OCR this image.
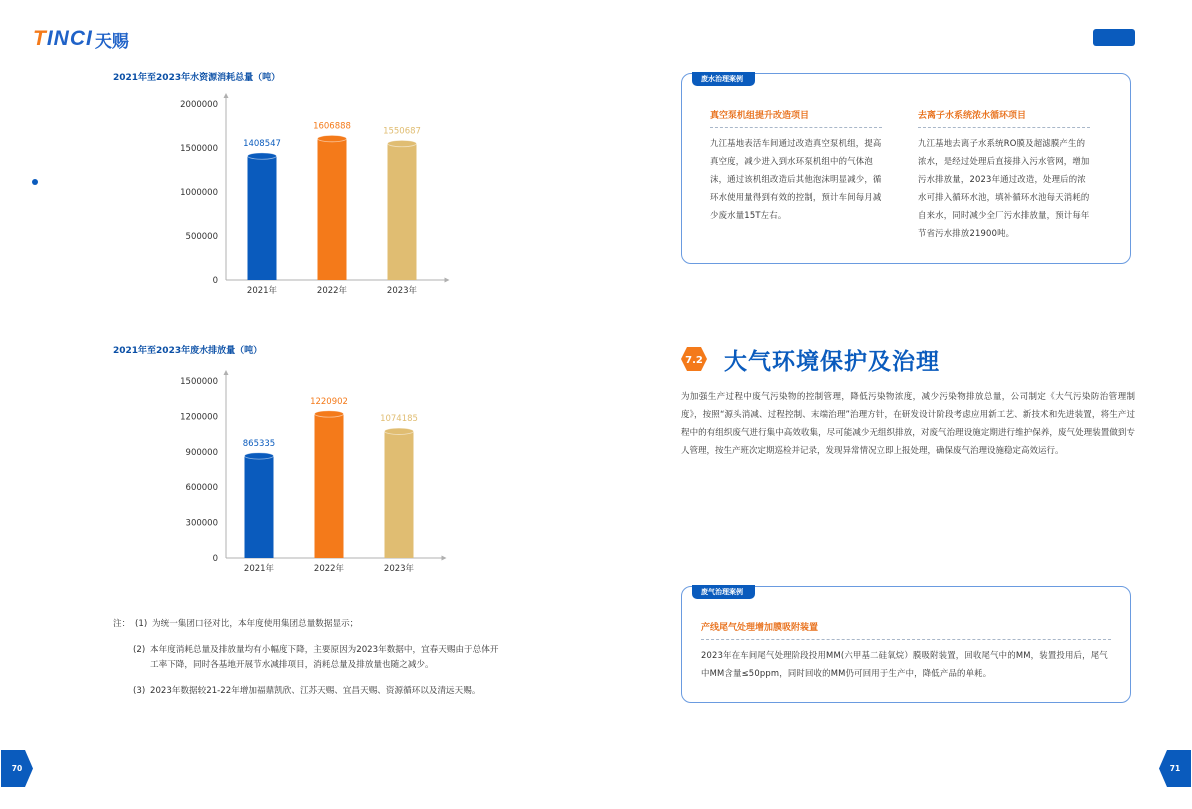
TINCI 天赐
2021年至2023年水资源消耗总量（吨）
0
500000
1000000
1500000
2000000
1408547
2021年
1606888
2022年
1550687
2023年
2021年至2023年废水排放量（吨）
0
300000
600000
900000
1200000
1500000
865335
2021年
1220902
2022年
1074185
2023年
注： (1) 为统一集团口径对比，本年度使用集团总量数据显示；
(2) 本年度消耗总量及排放量均有小幅度下降，主要原因为2023年数据中，宜春天赐由于总体开工率下降，同时各基地开展节水减排项目，消耗总量及排放量也随之减少。
(3) 2023年数据较21-22年增加福鼎凯欣、江苏天赐、宜昌天赐、资源循环以及清远天赐。
废水治理案例
真空泵机组提升改造项目
九江基地表活车间通过改造真空泵机组，提高真空度，减少进入到水环泵机组中的气体泡沫，通过该机组改造后其他泡沫明显减少，循环水使用量得到有效的控制，预计车间每月减少废水量15T左右。
去离子水系统浓水循环项目
九江基地去离子水系统RO膜及超滤膜产生的浓水，是经过处理后直接排入污水管网，增加污水排放量，2023年通过改造，处理后的浓水可排入循环水池，填补循环水池每天消耗的自来水，同时减少全厂污水排放量，预计每年节省污水排放21900吨。
7.2 大气环境保护及治理
为加强生产过程中废气污染物的控制管理，降低污染物浓度，减少污染物排放总量，公司制定《大气污染防治管理制度》，按照“源头消减、过程控制、末端治理”治理方针，在研发设计阶段考虑应用新工艺、新技术和先进装置，将生产过程中的有组织废气进行集中高效收集，尽可能减少无组织排放，对废气治理设施定期进行维护保养，废气处理装置做到专人管理，按生产班次定期巡检并记录，发现异常情况立即上报处理，确保废气治理设施稳定高效运行。
废气治理案例
产线尾气处理增加膜吸附装置
2023年在车间尾气处理阶段投用MM(六甲基二硅氧烷）膜吸附装置，回收尾气中的MM，装置投用后，尾气中MM含量≤50ppm，同时回收的MM仍可回用于生产中，降低产品的单耗。
70	71
